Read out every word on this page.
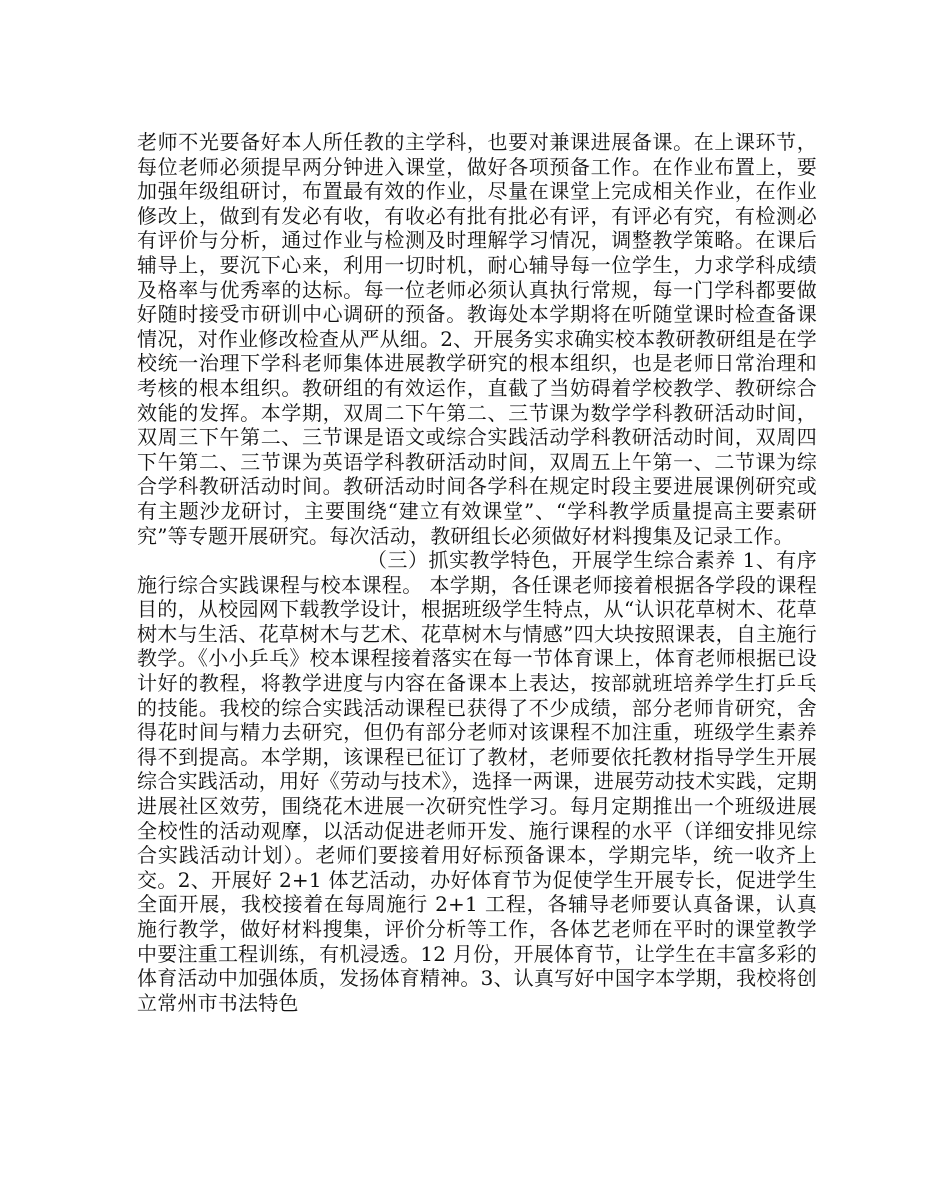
老师不光要备好本人所任教的主学科，也要对兼课进展备课。在上课环节，每位老师必须提早两分钟进入课堂，做好各项预备工作。在作业布置上，要加强年级组研讨，布置最有效的作业，尽量在课堂上完成相关作业，在作业修改上，做到有发必有收，有收必有批有批必有评，有评必有究，有检测必有评价与分析，通过作业与检测及时理解学习情况，调整教学策略。在课后辅导上，要沉下心来，利用一切时机，耐心辅导每一位学生，力求学科成绩及格率与优秀率的达标。每一位老师必须认真执行常规，每一门学科都要做好随时接受市研训中心调研的预备。教诲处本学期将在听随堂课时检查备课情况，对作业修改检查从严从细。2、开展务实求确实校本教研教研组是在学校统一治理下学科老师集体进展教学研究的根本组织，也是老师日常治理和考核的根本组织。教研组的有效运作，直截了当妨碍着学校教学、教研综合效能的发挥。本学期，双周二下午第二、三节课为数学学科教研活动时间，双周三下午第二、三节课是语文或综合实践活动学科教研活动时间，双周四下午第二、三节课为英语学科教研活动时间，双周五上午第一、二节课为综合学科教研活动时间。教研活动时间各学科在规定时段主要进展课例研究或有主题沙龙研讨，主要围绕“建立有效课堂”、“学科教学质量提高主要素研究”等专题开展研究。每次活动，教研组长必须做好材料搜集及记录工作。

（三）抓实教学特色，开展学生综合素养 1、有序施行综合实践课程与校本课程。 本学期，各任课老师接着根据各学段的课程目的，从校园网下载教学设计，根据班级学生特点，从“认识花草树木、花草树木与生活、花草树木与艺术、花草树木与情感”四大块按照课表，自主施行教学。《小小乒乓》校本课程接着落实在每一节体育课上，体育老师根据已设计好的教程，将教学进度与内容在备课本上表达，按部就班培养学生打乒乓的技能。我校的综合实践活动课程已获得了不少成绩，部分老师肯研究，舍得花时间与精力去研究，但仍有部分老师对该课程不加注重，班级学生素养得不到提高。本学期，该课程已征订了教材，老师要依托教材指导学生开展综合实践活动，用好《劳动与技术》，选择一两课，进展劳动技术实践，定期进展社区效劳，围绕花木进展一次研究性学习。每月定期推出一个班级进展全校性的活动观摩，以活动促进老师开发、施行课程的水平（详细安排见综合实践活动计划）。老师们要接着用好标预备课本，学期完毕，统一收齐上交。2、开展好 2+1 体艺活动，办好体育节为促使学生开展专长，促进学生全面开展，我校接着在每周施行 2+1 工程，各辅导老师要认真备课，认真施行教学，做好材料搜集，评价分析等工作，各体艺老师在平时的课堂教学中要注重工程训练，有机浸透。12 月份，开展体育节，让学生在丰富多彩的体育活动中加强体质，发扬体育精神。3、认真写好中国字本学期，我校将创立常州市书法特色
